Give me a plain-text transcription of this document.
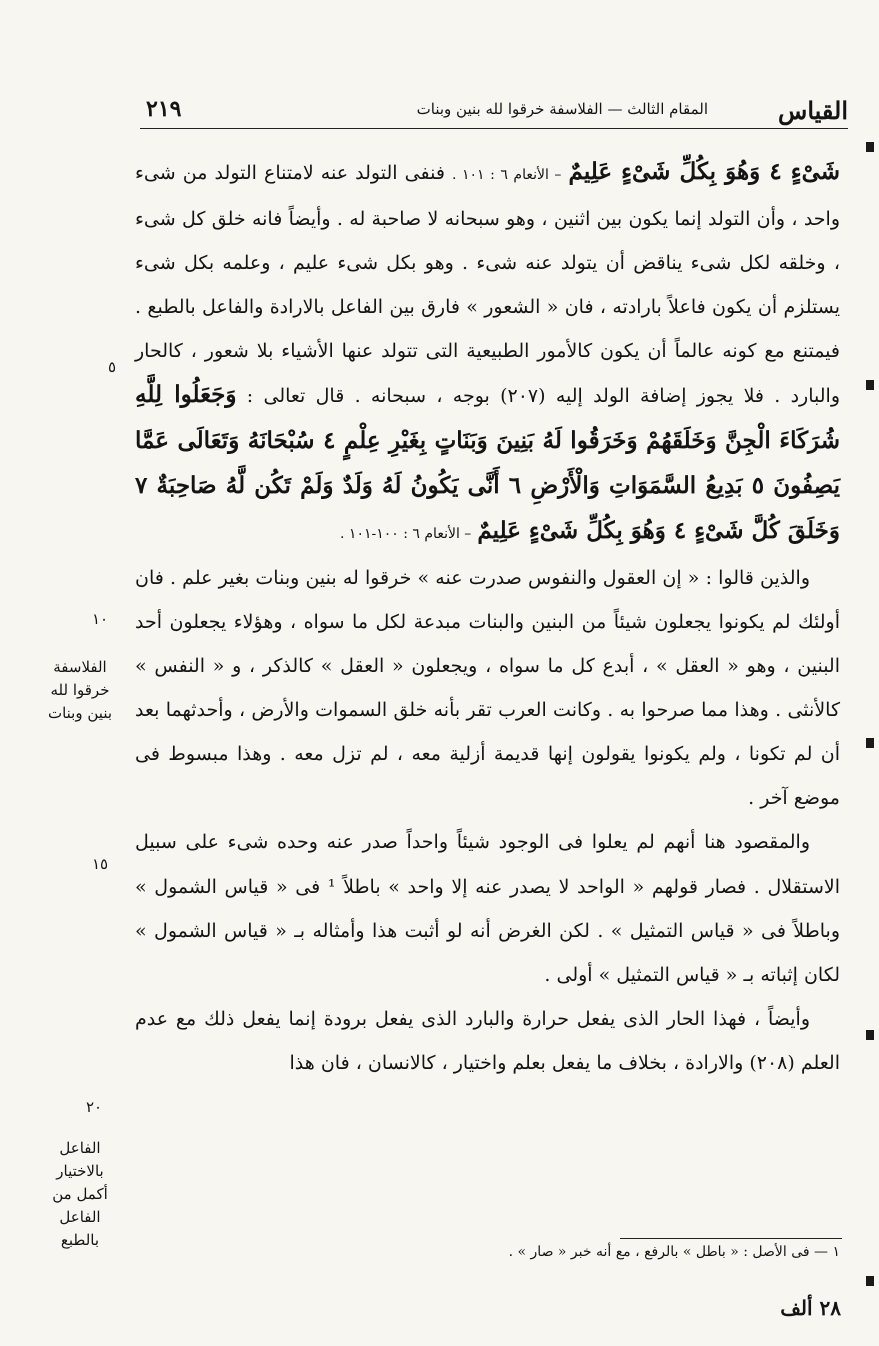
القياس
المقام الثالث — الفلاسفة خرقوا لله بنين وبنات
٢١٩

شَىْءٍ ٤ وَهُوَ بِكُلِّ شَىْءٍ عَلِيمٌ – الأنعام ٦ : ١٠١ . فنفى التولد عنه لامتناع التولد من شىء واحد ، وأن التولد إنما يكون بين اثنين ، وهو سبحانه لا صاحبة له . وأيضاً فانه خلق كل شىء ، وخلقه لكل شىء يناقض أن يتولد عنه شىء . وهو بكل شىء عليم ، وعلمه بكل شىء يستلزم أن يكون فاعلاً بارادته ، فان « الشعور » فارق بين الفاعل بالارادة والفاعل بالطبع . فيمتنع مع كونه عالماً أن يكون كالأمور الطبيعية التى تتولد عنها الأشياء بلا شعور ، كالحار والبارد . فلا يجوز إضافة الولد إليه (٢٠٧) بوجه ، سبحانه . قال تعالى : وَجَعَلُوا لِلَّهِ شُرَكَاءَ الْجِنَّ وَخَلَقَهُمْ وَخَرَقُوا لَهُ بَنِينَ وَبَنَاتٍ بِغَيْرِ عِلْمٍ ٤ سُبْحَانَهُ وَتَعَالَى عَمَّا يَصِفُونَ ٥ بَدِيعُ السَّمَوَاتِ وَالْأَرْضِ ٦ أَنَّى يَكُونُ لَهُ وَلَدٌ وَلَمْ تَكُن لَّهُ صَاحِبَةٌ ٧ وَخَلَقَ كُلَّ شَىْءٍ ٤ وَهُوَ بِكُلِّ شَىْءٍ عَلِيمٌ – الأنعام ٦ : ١٠٠-١٠١ .

والذين قالوا : « إن العقول والنفوس صدرت عنه » خرقوا له بنين وبنات بغير علم . فان أولئك لم يكونوا يجعلون شيئاً من البنين والبنات مبدعة لكل ما سواه ، وهؤلاء يجعلون أحد البنين ، وهو « العقل » ، أبدع كل ما سواه ، ويجعلون « العقل » كالذكر ، و « النفس » كالأنثى . وهذا مما صرحوا به . وكانت العرب تقر بأنه خلق السموات والأرض ، وأحدثهما بعد أن لم تكونا ، ولم يكونوا يقولون إنها قديمة أزلية معه ، لم تزل معه . وهذا مبسوط فى موضع آخر .

والمقصود هنا أنهم لم يعلوا فى الوجود شيئاً واحداً صدر عنه وحده شىء على سبيل الاستقلال . فصار قولهم « الواحد لا يصدر عنه إلا واحد » باطلاً ¹ فى « قياس الشمول » وباطلاً فى « قياس التمثيل » . لكن الغرض أنه لو أثبت هذا وأمثاله بـ « قياس الشمول » لكان إثباته بـ « قياس التمثيل » أولى .

وأيضاً ، فهذا الحار الذى يفعل حرارة والبارد الذى يفعل برودة إنما يفعل ذلك مع عدم العلم (٢٠٨) والارادة ، بخلاف ما يفعل بعلم واختيار ، كالانسان ، فان هذا

٥
١٠
١٥
٢٠
الفلاسفة
خرقوا لله
بنين وبنات
الفاعل
بالاختيار
أكمل من
الفاعل
بالطبع
١ — فى الأصل : « باطل » بالرفع ، مع أنه خبر « صار » .
٢٨ ألف
